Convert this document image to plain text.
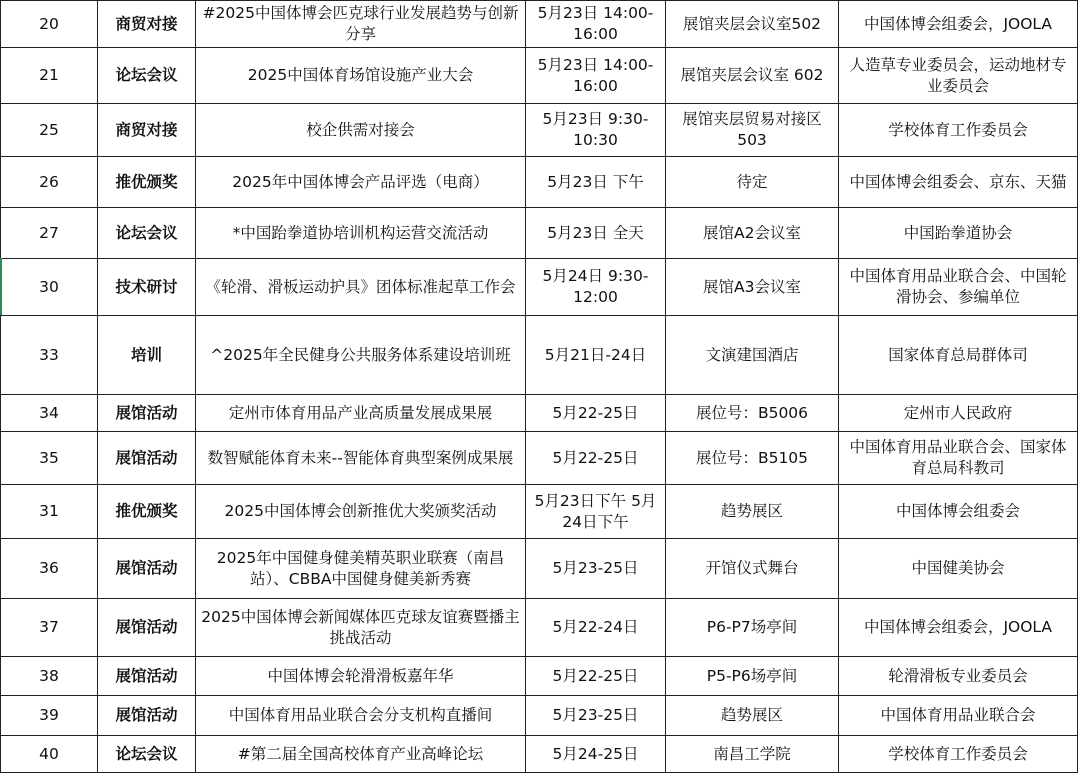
20	商贸对接	#2025中国体博会匹克球行业发展趋势与创新分享	5月23日 14:00-16:00	展馆夹层会议室502	中国体博会组委会，JOOLA
21	论坛会议	2025中国体育场馆设施产业大会	5月23日 14:00-16:00	展馆夹层会议室 602	人造草专业委员会，运动地材专业委员会
25	商贸对接	校企供需对接会	5月23日 9:30-10:30	展馆夹层贸易对接区503	学校体育工作委员会
26	推优颁奖	2025年中国体博会产品评选（电商）	5月23日 下午	待定	中国体博会组委会、京东、天猫
27	论坛会议	*中国跆拳道协培训机构运营交流活动	5月23日 全天	展馆A2会议室	中国跆拳道协会
30	技术研讨	《轮滑、滑板运动护具》团体标准起草工作会	5月24日 9:30-12:00	展馆A3会议室	中国体育用品业联合会、中国轮滑协会、参编单位
33	培训	^2025年全民健身公共服务体系建设培训班	5月21日-24日	文演建国酒店	国家体育总局群体司
34	展馆活动	定州市体育用品产业高质量发展成果展	5月22-25日	展位号：B5006	定州市人民政府
35	展馆活动	数智赋能体育未来--智能体育典型案例成果展	5月22-25日	展位号：B5105	中国体育用品业联合会、国家体育总局科教司
31	推优颁奖	2025中国体博会创新推优大奖颁奖活动	5月23日下午 5月24日下午	趋势展区	中国体博会组委会
36	展馆活动	2025年中国健身健美精英职业联赛（南昌站）、CBBA中国健身健美新秀赛	5月23-25日	开馆仪式舞台	中国健美协会
37	展馆活动	2025中国体博会新闻媒体匹克球友谊赛暨播主挑战活动	5月22-24日	P6-P7场亭间	中国体博会组委会，JOOLA
38	展馆活动	中国体博会轮滑滑板嘉年华	5月22-25日	P5-P6场亭间	轮滑滑板专业委员会
39	展馆活动	中国体育用品业联合会分支机构直播间	5月23-25日	趋势展区	中国体育用品业联合会
40	论坛会议	#第二届全国高校体育产业高峰论坛	5月24-25日	南昌工学院	学校体育工作委员会
